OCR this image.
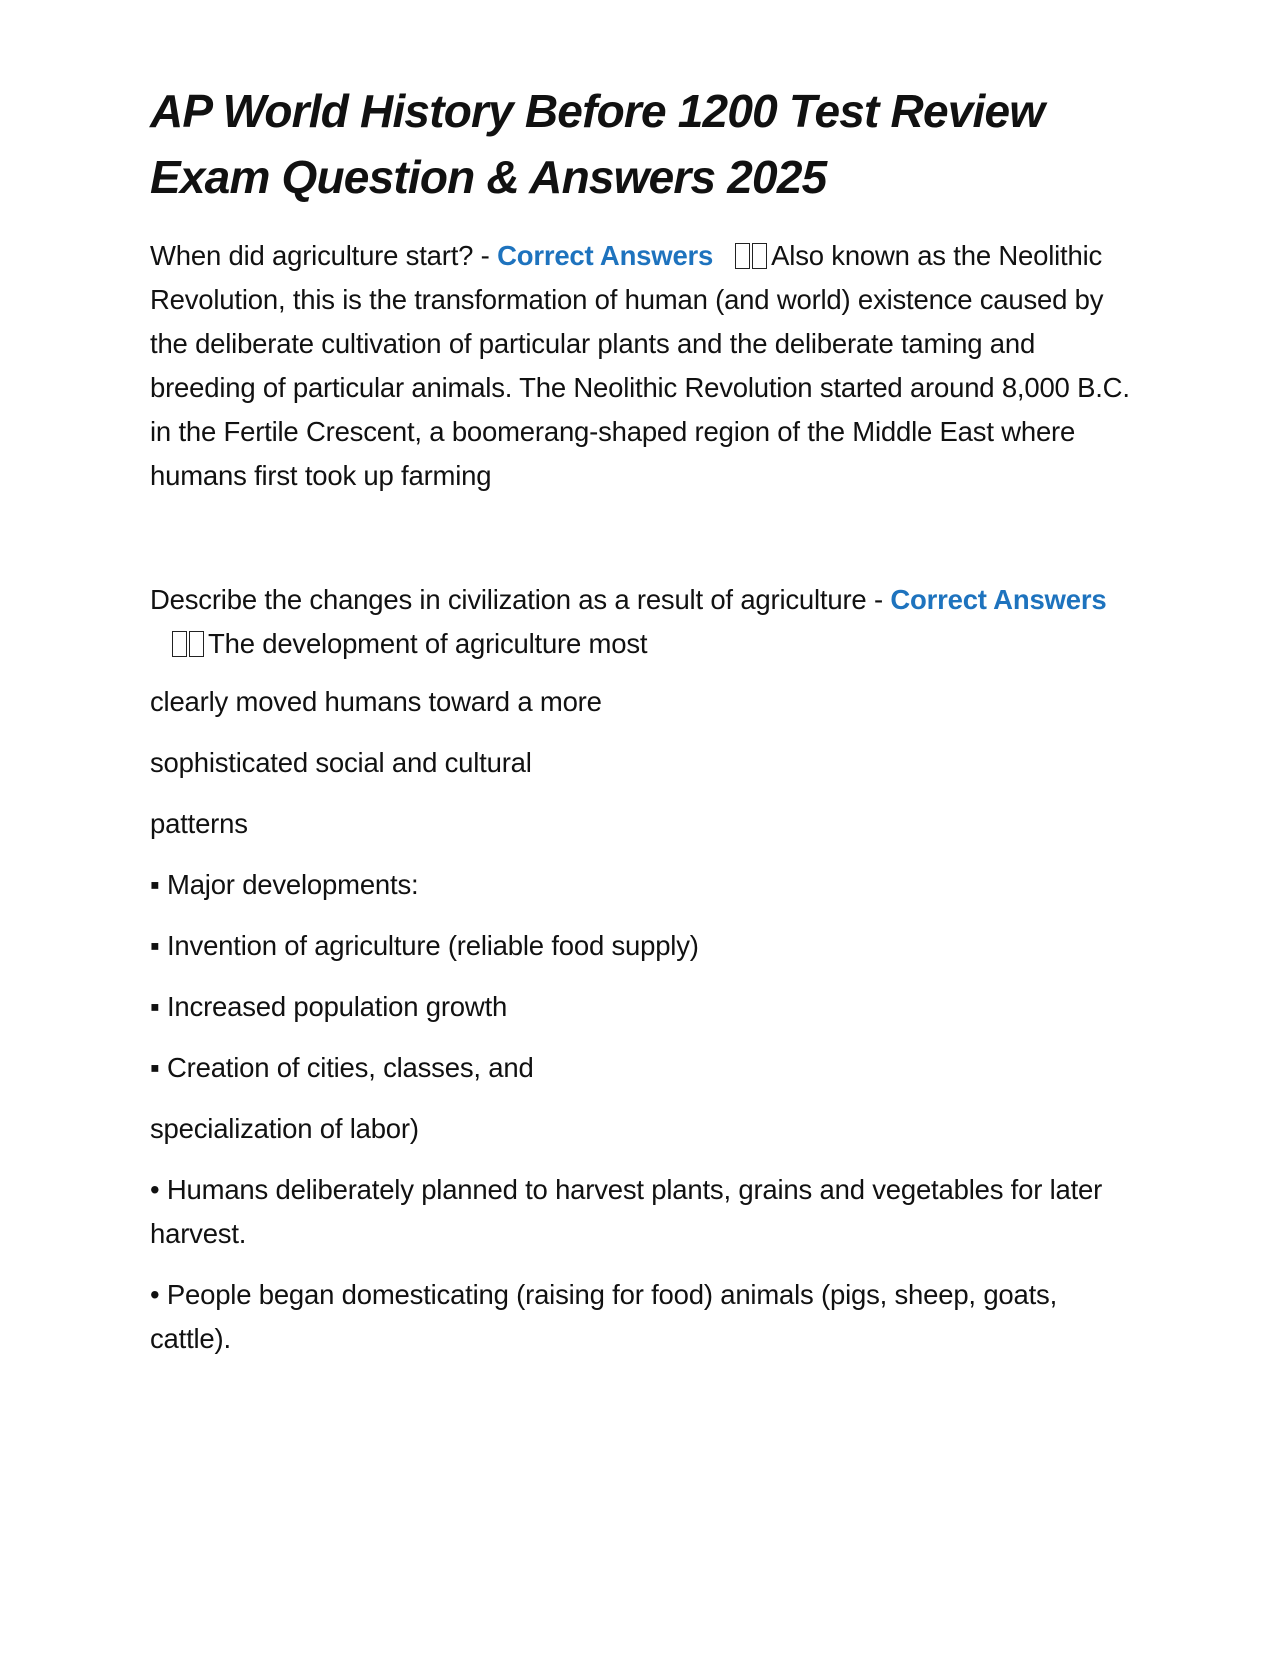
AP World History Before 1200 Test Review Exam Question & Answers 2025

When did agriculture start? - Correct Answers Also known as the Neolithic Revolution, this is the transformation of human (and world) existence caused by the deliberate cultivation of particular plants and the deliberate taming and breeding of particular animals. The Neolithic Revolution started around 8,000 B.C. in the Fertile Crescent, a boomerang-shaped region of the Middle East where humans first took up farming

Describe the changes in civilization as a result of agriculture - Correct AnswersThe development of agriculture most

clearly moved humans toward a more

sophisticated social and cultural

patterns

▪ Major developments:

▪ Invention of agriculture (reliable food supply)

▪ Increased population growth

▪ Creation of cities, classes, and

specialization of labor)

• Humans deliberately planned to harvest plants, grains and vegetables for later harvest.

• People began domesticating (raising for food) animals (pigs, sheep, goats, cattle).
